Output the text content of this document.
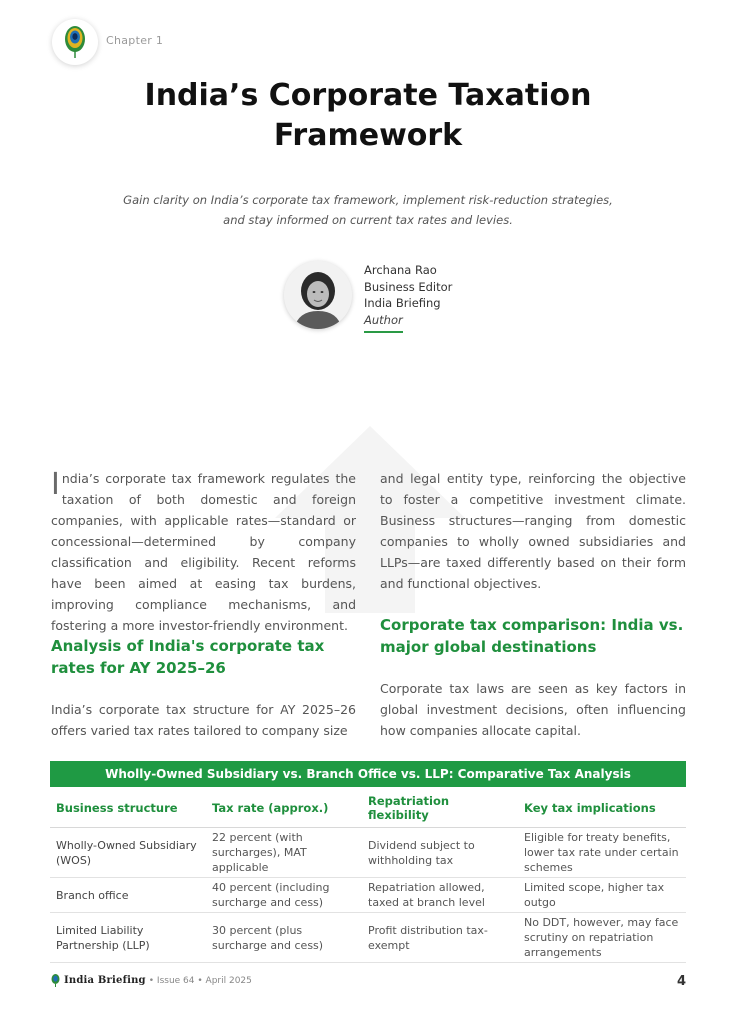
Chapter 1
India’s Corporate Taxation
Framework
Gain clarity on India’s corporate tax framework, implement risk-reduction strategies,
and stay informed on current tax rates and levies.
Archana Rao
Business Editor
India Briefing
Author
India’s corporate tax framework regulates the taxation of both domestic and foreign companies, with applicable rates—standard or concessional—determined by company classification and eligibility. Recent reforms have been aimed at easing tax burdens, improving compliance mechanisms, and fostering a more investor-friendly environment.
and legal entity type, reinforcing the objective to foster a competitive investment climate. Business structures—ranging from domestic companies to wholly owned subsidiaries and LLPs—are taxed differently based on their form and functional objectives.
Analysis of India's corporate tax rates for AY 2025–26
India’s corporate tax structure for AY 2025–26 offers varied tax rates tailored to company size
Corporate tax comparison: India vs. major global destinations
Corporate tax laws are seen as key factors in global investment decisions, often influencing how companies allocate capital.
Wholly-Owned Subsidiary vs. Branch Office vs. LLP: Comparative Tax Analysis
Business structure	Tax rate (approx.)	Repatriation flexibility	Key tax implications
Wholly-Owned Subsidiary (WOS)	22 percent (with surcharges), MAT applicable	Dividend subject to withholding tax	Eligible for treaty benefits, lower tax rate under certain schemes
Branch office	40 percent (including surcharge and cess)	Repatriation allowed, taxed at branch level	Limited scope, higher tax outgo
Limited Liability Partnership (LLP)	30 percent (plus surcharge and cess)	Profit distribution tax-exempt	No DDT, however, may face scrutiny on repatriation arrangements
India Briefing • Issue 64 • April 2025	4
